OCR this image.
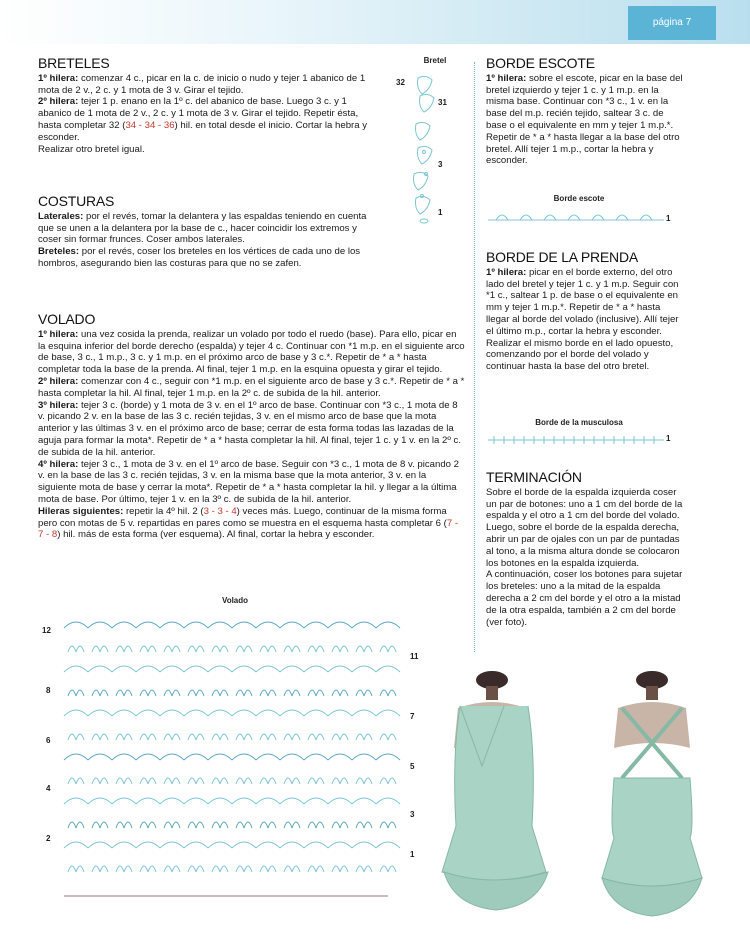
página 7
BRETELES

1º hilera: comenzar 4 c., picar en la c. de inicio o nudo y tejer 1 abanico de 1 mota de 2 v., 2 c. y 1 mota de 3 v. Girar el tejido.

2º hilera: tejer 1 p. enano en la 1º c. del abanico de base. Luego 3 c. y 1 abanico de 1 mota de 2 v., 2 c. y 1 mota de 3 v. Girar el tejido. Repetir ésta, hasta completar 32 (34 - 34 - 36) hil. en total desde el inicio. Cortar la hebra y esconder.

Realizar otro bretel igual.

COSTURAS

Laterales: por el revés, tomar la delantera y las espaldas teniendo en cuenta que se unen a la delantera por la base de c., hacer coincidir los extremos y coser sin formar frunces. Coser ambos laterales.

Breteles: por el revés, coser los breteles en los vértices de cada uno de los hombros, asegurando bien las costuras para que no se zafen.

VOLADO

1º hilera: una vez cosida la prenda, realizar un volado por todo el ruedo (base). Para ello, picar en la esquina inferior del borde derecho (espalda) y tejer 4 c. Continuar con *1 m.p. en el siguiente arco de base, 3 c., 1 m.p., 3 c. y 1 m.p. en el próximo arco de base y 3 c.*. Repetir de * a * hasta completar toda la base de la prenda. Al final, tejer 1 m.p. en la esquina opuesta y girar el tejido.

2º hilera: comenzar con 4 c., seguir con *1 m.p. en el siguiente arco de base y 3 c.*. Repetir de * a * hasta completar la hil. Al final, tejer 1 m.p. en la 2º c. de subida de la hil. anterior.

3º hilera: tejer 3 c. (borde) y 1 mota de 3 v. en el 1º arco de base. Continuar con *3 c., 1 mota de 8 v. picando 2 v. en la base de las 3 c. recién tejidas, 3 v. en el mismo arco de base que la mota anterior y las últimas 3 v. en el próximo arco de base; cerrar de esta forma todas las lazadas de la aguja para formar la mota*. Repetir de * a * hasta completar la hil. Al final, tejer 1 c. y 1 v. en la 2º c. de subida de la hil. anterior.

4º hilera: tejer 3 c., 1 mota de 3 v. en el 1º arco de base. Seguir con *3 c., 1 mota de 8 v. picando 2 v. en la base de las 3 c. recién tejidas, 3 v. en la misma base que la mota anterior, 3 v. en la siguiente mota de base y cerrar la mota*. Repetir de * a * hasta completar la hil. y llegar a la última mota de base. Por último, tejer 1 v. en la 3º c. de subida de la hil. anterior.

Hileras siguientes: repetir la 4º hil. 2 (3 - 3 - 4) veces más. Luego, continuar de la misma forma pero con motas de 5 v. repartidas en pares como se muestra en el esquema hasta completar 6 (7 - 7 - 8) hil. más de esta forma (ver esquema). Al final, cortar la hebra y esconder.

Bretel
32
31
3
1
BORDE ESCOTE

1º hilera: sobre el escote, picar en la base del bretel izquierdo y tejer 1 c. y 1 m.p. en la misma base. Continuar con *3 c., 1 v. en la base del m.p. recién tejido, saltear 3 c. de base o el equivalente en mm y tejer 1 m.p.*. Repetir de * a * hasta llegar a la base del otro bretel. Allí tejer 1 m.p., cortar la hebra y esconder.

Borde escote
1
BORDE DE LA PRENDA

1º hilera: picar en el borde externo, del otro lado del bretel y tejer 1 c. y 1 m.p. Seguir con *1 c., saltear 1 p. de base o el equivalente en mm y tejer 1 m.p.*. Repetir de * a * hasta llegar al borde del volado (inclusive). Allí tejer el último m.p., cortar la hebra y esconder.

Realizar el mismo borde en el lado opuesto, comenzando por el borde del volado y continuar hasta la base del otro bretel.

Borde de la musculosa
1
TERMINACIÓN

Sobre el borde de la espalda izquierda coser un par de botones: uno a 1 cm del borde de la espalda y el otro a 1 cm del borde del volado. Luego, sobre el borde de la espalda derecha, abrir un par de ojales con un par de puntadas al tono, a la misma altura donde se colocaron los botones en la espalda izquierda.

A continuación, coser los botones para sujetar los breteles: uno a la mitad de la espalda derecha a 2 cm del borde y el otro a la mistad de la otra espalda, también a 2 cm del borde (ver foto).

Volado
12
8
6
4
2
11
7
5
3
1
